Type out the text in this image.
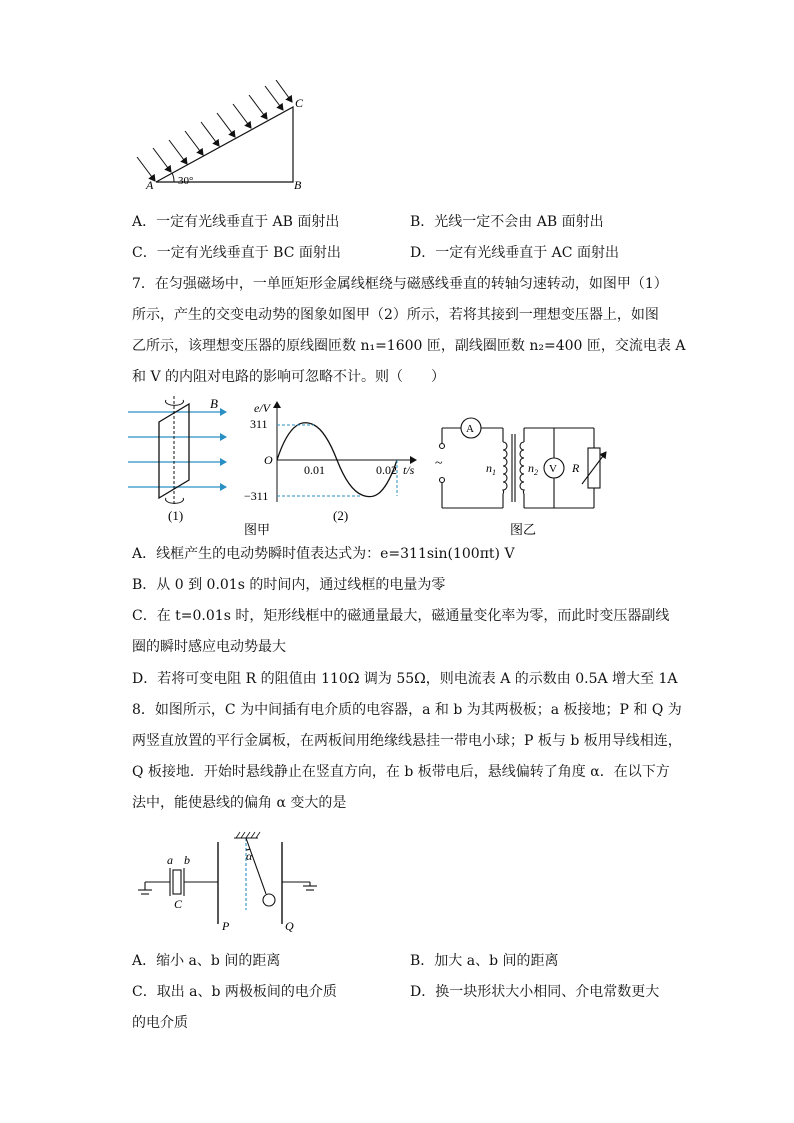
A	B
C
30°
A．一定有光线垂直于 AB 面射出	B．光线一定不会由 AB 面射出
C．一定有光线垂直于 BC 面射出	D．一定有光线垂直于 AC 面射出
7．在匀强磁场中，一单匝矩形金属线框绕与磁感线垂直的转轴匀速转动，如图甲（1）
所示，产生的交变电动势的图象如图甲（2）所示，若将其接到一理想变压器上，如图
乙所示，该理想变压器的原线圈匝数 n₁=1600 匝，副线圈匝数 n₂=400 匝，交流电表 A
和 V 的内阻对电路的影响可忽略不计。则（　　）
B
(1)
e/V
311
O
−311
0.01	0.02 t/s
(2)
图甲
~
A
V
$n_1$	$n_2$	R
图乙
A．线框产生的电动势瞬时值表达式为：e=311sin(100πt) V
B．从 0 到 0.01s 的时间内，通过线框的电量为零
C．在 t=0.01s 时，矩形线框中的磁通量最大，磁通量变化率为零，而此时变压器副线
圈的瞬时感应电动势最大
D．若将可变电阻 R 的阻值由 110Ω 调为 55Ω，则电流表 A 的示数由 0.5A 增大至 1A
8．如图所示，C 为中间插有电介质的电容器，a 和 b 为其两极板；a 板接地；P 和 Q 为
两竖直放置的平行金属板，在两板间用绝缘线悬挂一带电小球；P 板与 b 板用导线相连，
Q 板接地．开始时悬线静止在竖直方向，在 b 板带电后，悬线偏转了角度 α．在以下方
法中，能使悬线的偏角 α 变大的是
a b
C
α
P	Q
A．缩小 a、b 间的距离	B．加大 a、b 间的距离
C．取出 a、b 两极板间的电介质	D．换一块形状大小相同、介电常数更大
的电介质
